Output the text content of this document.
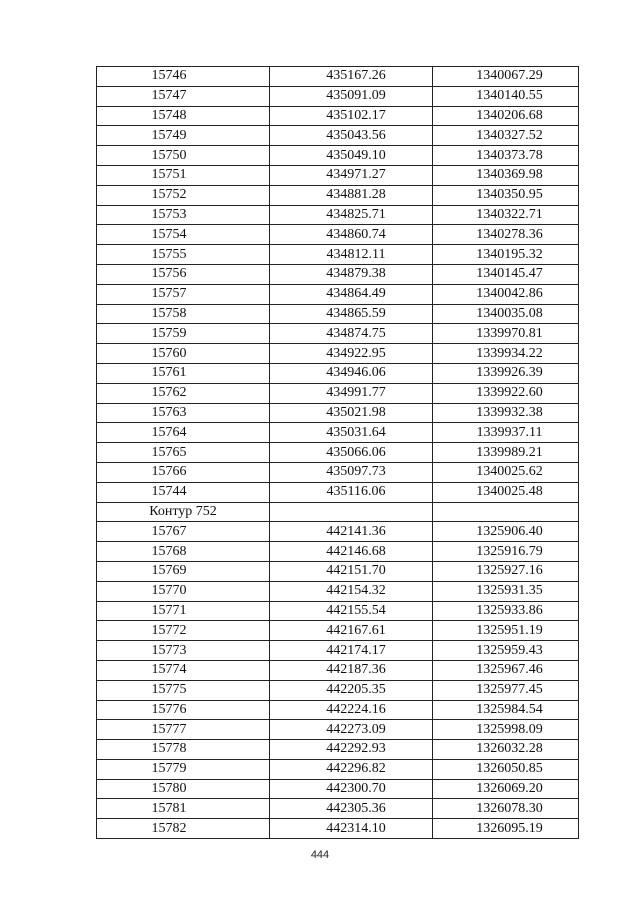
15746	435167.26	1340067.29
15747	435091.09	1340140.55
15748	435102.17	1340206.68
15749	435043.56	1340327.52
15750	435049.10	1340373.78
15751	434971.27	1340369.98
15752	434881.28	1340350.95
15753	434825.71	1340322.71
15754	434860.74	1340278.36
15755	434812.11	1340195.32
15756	434879.38	1340145.47
15757	434864.49	1340042.86
15758	434865.59	1340035.08
15759	434874.75	1339970.81
15760	434922.95	1339934.22
15761	434946.06	1339926.39
15762	434991.77	1339922.60
15763	435021.98	1339932.38
15764	435031.64	1339937.11
15765	435066.06	1339989.21
15766	435097.73	1340025.62
15744	435116.06	1340025.48
Контур 752		
15767	442141.36	1325906.40
15768	442146.68	1325916.79
15769	442151.70	1325927.16
15770	442154.32	1325931.35
15771	442155.54	1325933.86
15772	442167.61	1325951.19
15773	442174.17	1325959.43
15774	442187.36	1325967.46
15775	442205.35	1325977.45
15776	442224.16	1325984.54
15777	442273.09	1325998.09
15778	442292.93	1326032.28
15779	442296.82	1326050.85
15780	442300.70	1326069.20
15781	442305.36	1326078.30
15782	442314.10	1326095.19
444
